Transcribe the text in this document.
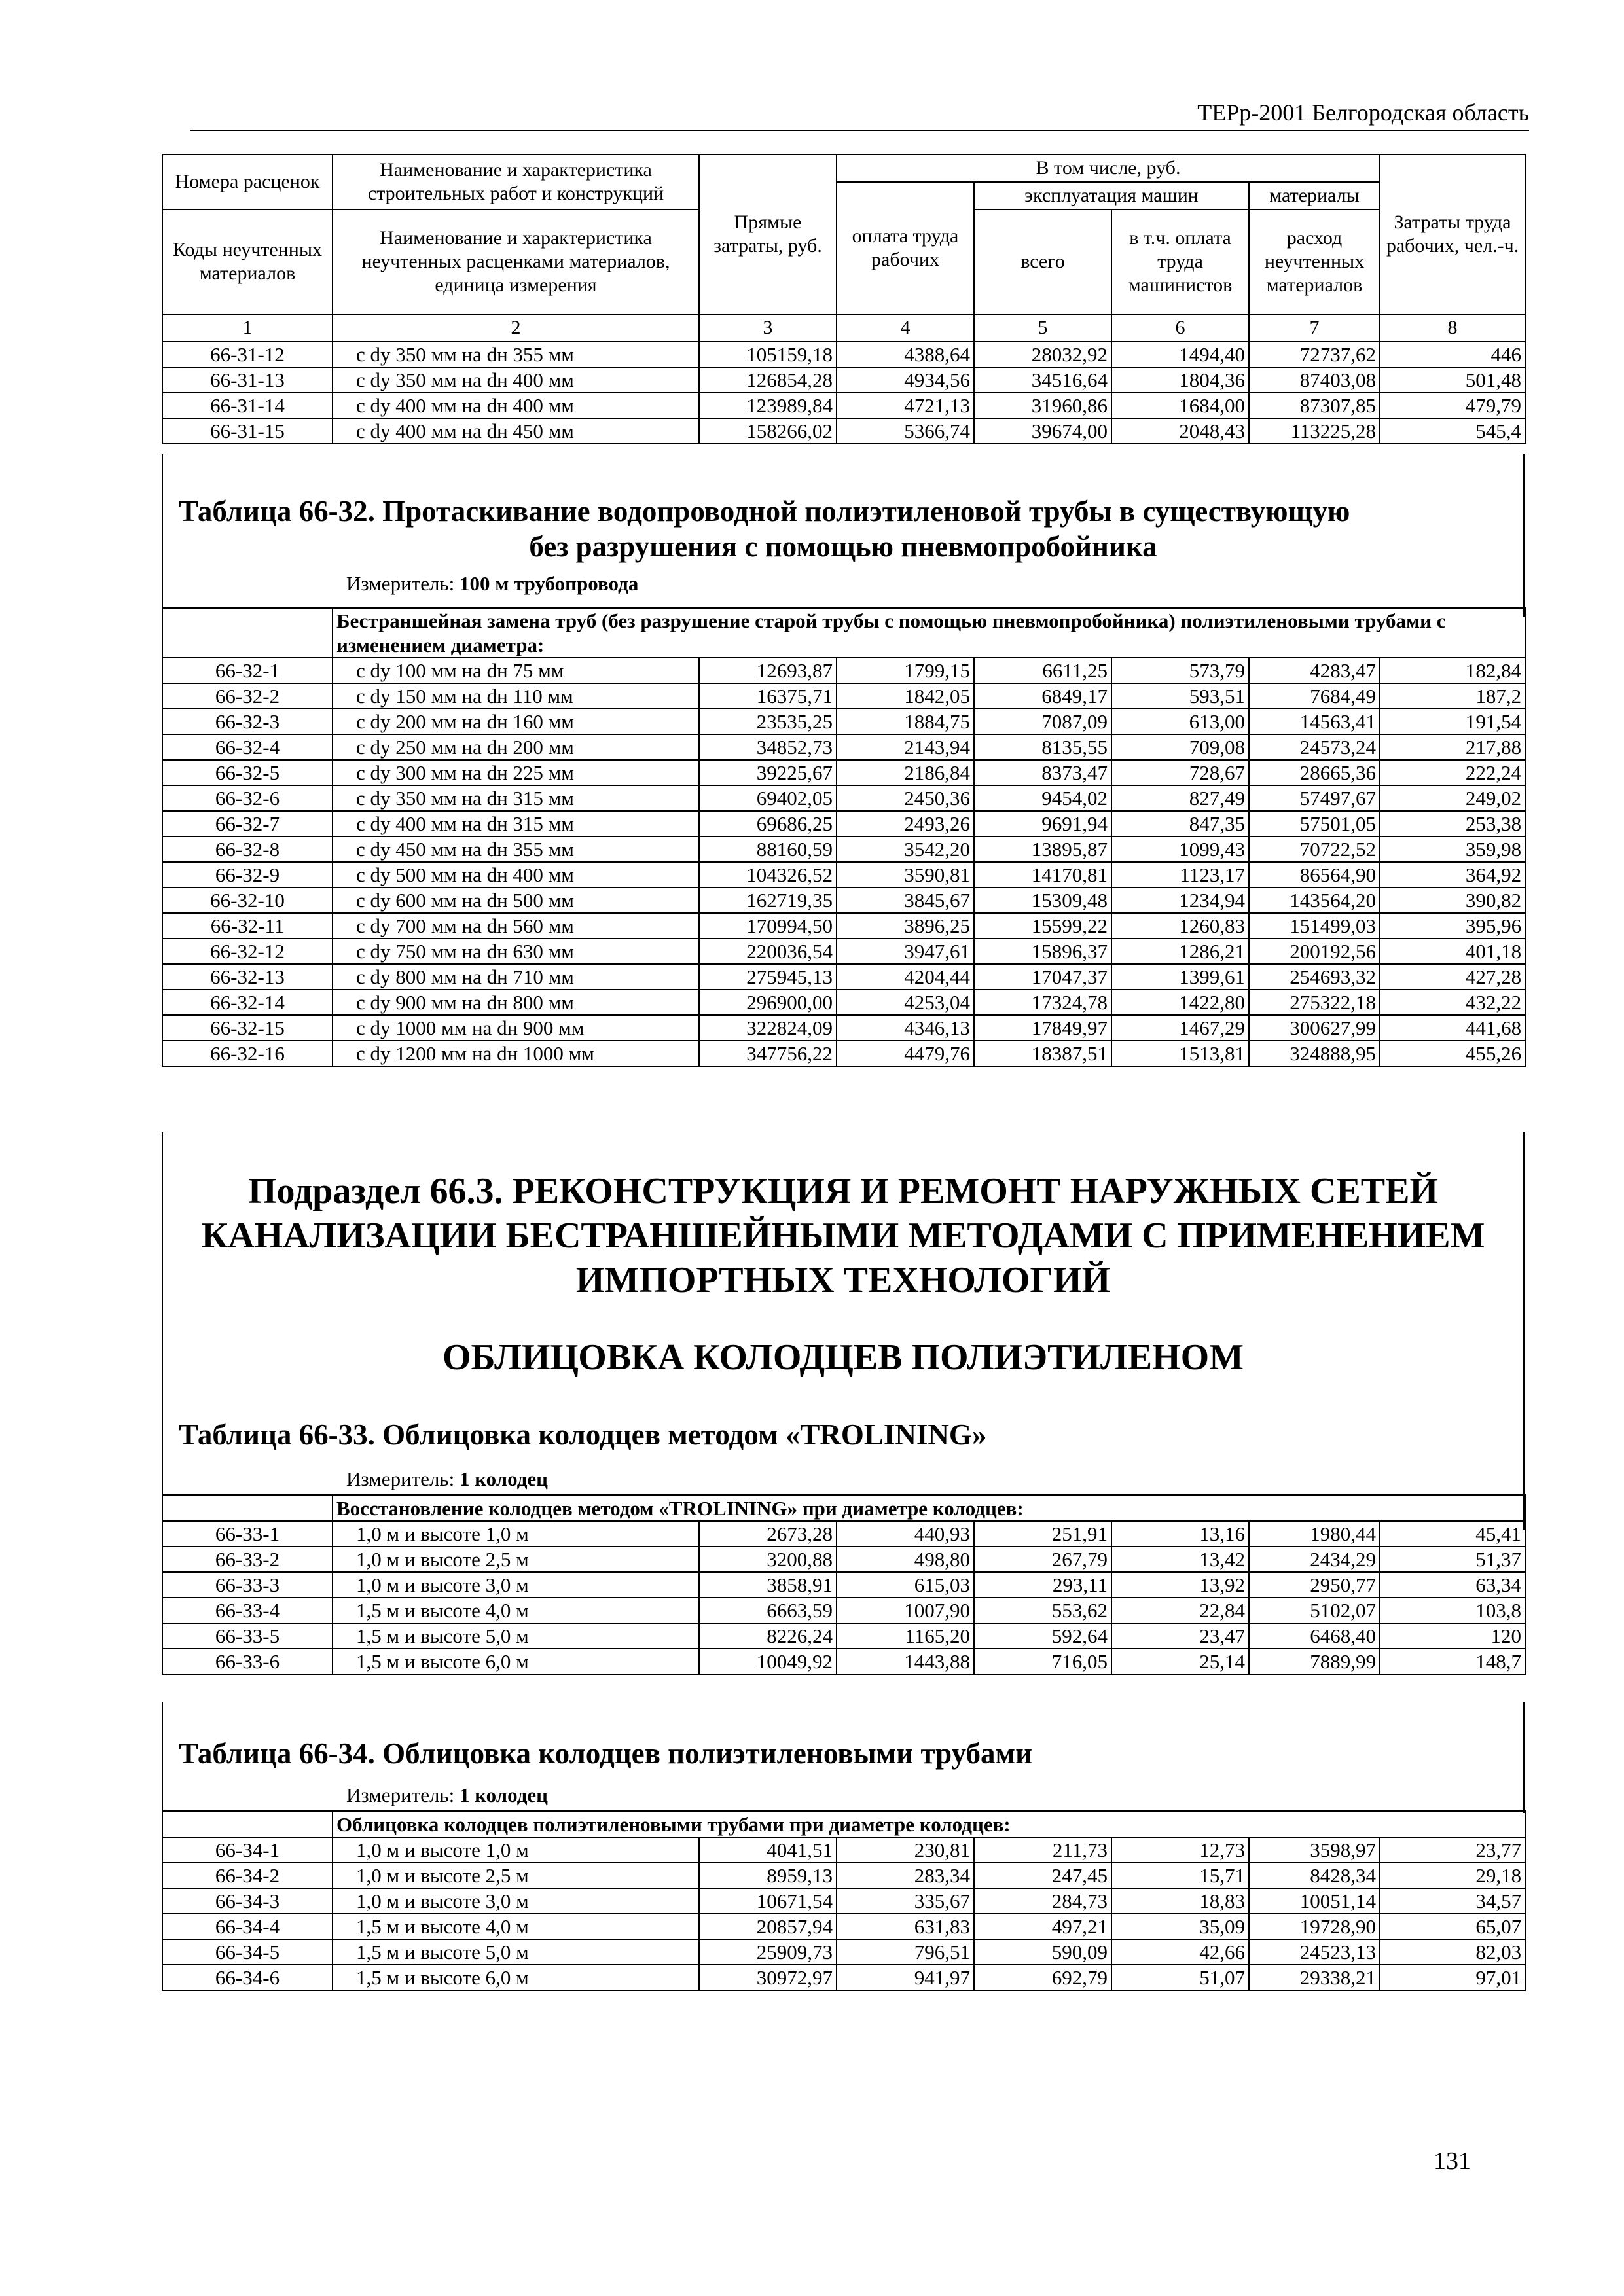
ТЕРр-2001 Белгородская область
Номера расценок	Наименование и характеристика строительных работ и конструкций	Прямые затраты, руб.	В том числе, руб.				Затраты труда рабочих, чел.-ч.
			оплата труда рабочих	эксплуатация машин		материалы	
Коды неучтенных материалов	Наименование и характеристика неучтенных расценками материалов, единица измерения			всего	в т.ч. оплата труда машинистов	расход неучтенных материалов	

1	2	3	4	5	6	7	8
66-31-12	с dу 350 мм на dн 355 мм	105159,18	4388,64	28032,92	1494,40	72737,62	446
66-31-13	с dу 350 мм на dн 400 мм	126854,28	4934,56	34516,64	1804,36	87403,08	501,48
66-31-14	с dу 400 мм на dн 400 мм	123989,84	4721,13	31960,86	1684,00	87307,85	479,79
66-31-15	с dу 400 мм на dн 450 мм	158266,02	5366,74	39674,00	2048,43	113225,28	545,4
Таблица 66-32. Протаскивание водопроводной полиэтиленовой трубы в существующую
без разрушения с помощью пневмопробойника
Измеритель: 100 м трубопровода
	Бестраншейная замена труб (без разрушение старой трубы с помощью пневмопробойника) полиэтиленовыми трубами с изменением диаметра:						
66-32-1	с dу 100 мм на dн 75 мм	12693,87	1799,15	6611,25	573,79	4283,47	182,84
66-32-2	с dу 150 мм на dн 110 мм	16375,71	1842,05	6849,17	593,51	7684,49	187,2
66-32-3	с dу 200 мм на dн 160 мм	23535,25	1884,75	7087,09	613,00	14563,41	191,54
66-32-4	с dу 250 мм на dн 200 мм	34852,73	2143,94	8135,55	709,08	24573,24	217,88
66-32-5	с dу 300 мм на dн 225 мм	39225,67	2186,84	8373,47	728,67	28665,36	222,24
66-32-6	с dу 350 мм на dн 315 мм	69402,05	2450,36	9454,02	827,49	57497,67	249,02
66-32-7	с dу 400 мм на dн 315 мм	69686,25	2493,26	9691,94	847,35	57501,05	253,38
66-32-8	с dу 450 мм на dн 355 мм	88160,59	3542,20	13895,87	1099,43	70722,52	359,98
66-32-9	с dу 500 мм на dн 400 мм	104326,52	3590,81	14170,81	1123,17	86564,90	364,92
66-32-10	с dу 600 мм на dн 500 мм	162719,35	3845,67	15309,48	1234,94	143564,20	390,82
66-32-11	с dу 700 мм на dн 560 мм	170994,50	3896,25	15599,22	1260,83	151499,03	395,96
66-32-12	с dу 750 мм на dн 630 мм	220036,54	3947,61	15896,37	1286,21	200192,56	401,18
66-32-13	с dу 800 мм на dн 710 мм	275945,13	4204,44	17047,37	1399,61	254693,32	427,28
66-32-14	с dу 900 мм на dн 800 мм	296900,00	4253,04	17324,78	1422,80	275322,18	432,22
66-32-15	с dу 1000 мм на dн 900 мм	322824,09	4346,13	17849,97	1467,29	300627,99	441,68
66-32-16	с dу 1200 мм на dн 1000 мм	347756,22	4479,76	18387,51	1513,81	324888,95	455,26
Подраздел 66.3. РЕКОНСТРУКЦИЯ И РЕМОНТ НАРУЖНЫХ СЕТЕЙ
КАНАЛИЗАЦИИ БЕСТРАНШЕЙНЫМИ МЕТОДАМИ С ПРИМЕНЕНИЕМ
ИМПОРТНЫХ ТЕХНОЛОГИЙ
ОБЛИЦОВКА КОЛОДЦЕВ ПОЛИЭТИЛЕНОМ
Таблица 66-33. Облицовка колодцев методом «TROLINING»
Измеритель: 1 колодец
	Восстановление колодцев методом «TROLINING» при диаметре колодцев:						
66-33-1	1,0 м и высоте 1,0 м	2673,28	440,93	251,91	13,16	1980,44	45,41
66-33-2	1,0 м и высоте 2,5 м	3200,88	498,80	267,79	13,42	2434,29	51,37
66-33-3	1,0 м и высоте 3,0 м	3858,91	615,03	293,11	13,92	2950,77	63,34
66-33-4	1,5 м и высоте 4,0 м	6663,59	1007,90	553,62	22,84	5102,07	103,8
66-33-5	1,5 м и высоте 5,0 м	8226,24	1165,20	592,64	23,47	6468,40	120
66-33-6	1,5 м и высоте 6,0 м	10049,92	1443,88	716,05	25,14	7889,99	148,7
Таблица 66-34. Облицовка колодцев полиэтиленовыми трубами
Измеритель: 1 колодец
	Облицовка колодцев полиэтиленовыми трубами при диаметре колодцев:						
66-34-1	1,0 м и высоте 1,0 м	4041,51	230,81	211,73	12,73	3598,97	23,77
66-34-2	1,0 м и высоте 2,5 м	8959,13	283,34	247,45	15,71	8428,34	29,18
66-34-3	1,0 м и высоте 3,0 м	10671,54	335,67	284,73	18,83	10051,14	34,57
66-34-4	1,5 м и высоте 4,0 м	20857,94	631,83	497,21	35,09	19728,90	65,07
66-34-5	1,5 м и высоте 5,0 м	25909,73	796,51	590,09	42,66	24523,13	82,03
66-34-6	1,5 м и высоте 6,0 м	30972,97	941,97	692,79	51,07	29338,21	97,01
131
